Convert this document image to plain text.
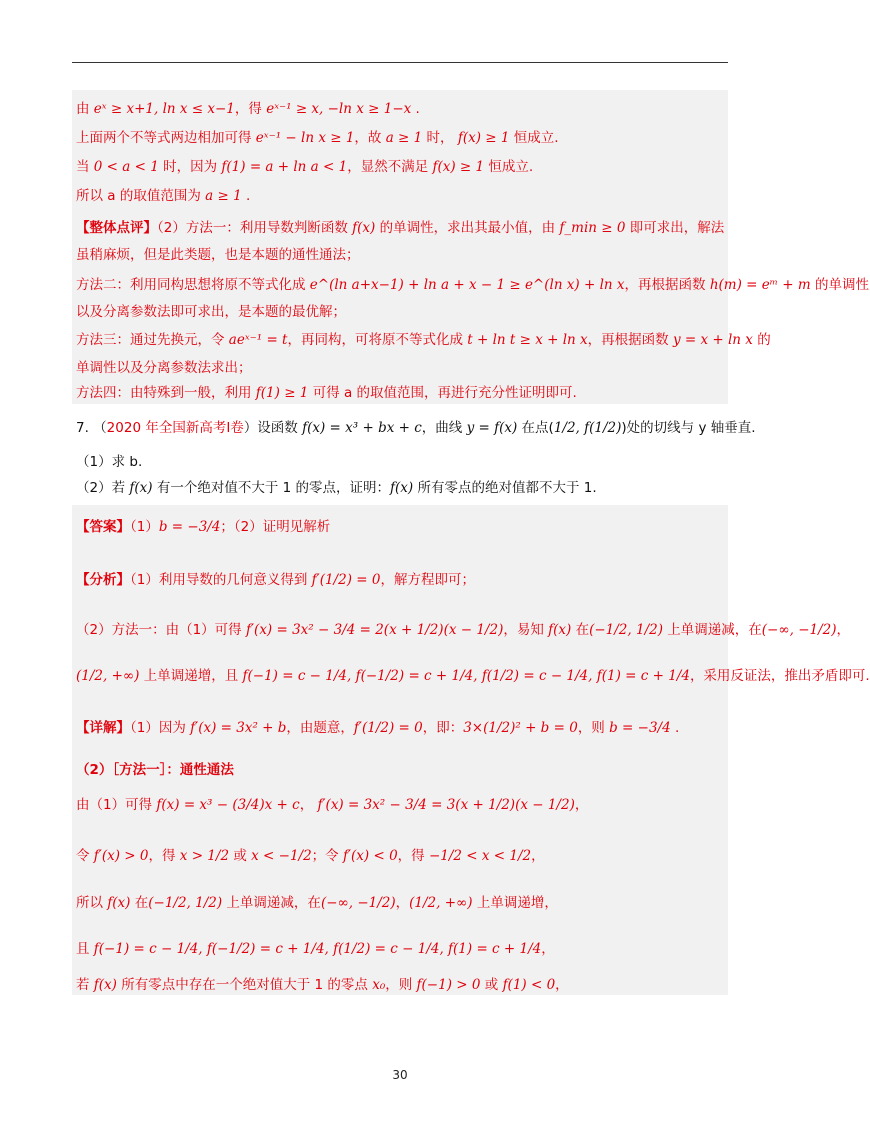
由 eˣ ≥ x+1, ln x ≤ x−1，得 eˣ⁻¹ ≥ x, −ln x ≥ 1−x .
上面两个不等式两边相加可得 eˣ⁻¹ − ln x ≥ 1，故 a ≥ 1 时， f(x) ≥ 1 恒成立.
当 0 < a < 1 时，因为 f(1) = a + ln a < 1，显然不满足 f(x) ≥ 1 恒成立.
所以 a 的取值范围为 a ≥ 1 .
【整体点评】（2）方法一：利用导数判断函数 f(x) 的单调性，求出其最小值，由 f_min ≥ 0 即可求出，解法
虽稍麻烦，但是此类题，也是本题的通性通法；
方法二：利用同构思想将原不等式化成 e^(ln a+x−1) + ln a + x − 1 ≥ e^(ln x) + ln x，再根据函数 h(m) = eᵐ + m 的单调性
以及分离参数法即可求出，是本题的最优解；
方法三：通过先换元，令 aeˣ⁻¹ = t，再同构，可将原不等式化成 t + ln t ≥ x + ln x，再根据函数 y = x + ln x 的
单调性以及分离参数法求出；
方法四：由特殊到一般，利用 f(1) ≥ 1 可得 a 的取值范围，再进行充分性证明即可.
7. （2020 年全国新高考Ⅰ卷）设函数 f(x) = x³ + bx + c，曲线 y = f(x) 在点(1/2, f(1/2))处的切线与 y 轴垂直.
（1）求 b.
（2）若 f(x) 有一个绝对值不大于 1 的零点，证明：f(x) 所有零点的绝对值都不大于 1.
【答案】（1）b = −3/4；（2）证明见解析
【分析】（1）利用导数的几何意义得到 f′(1/2) = 0，解方程即可；
（2）方法一：由（1）可得 f′(x) = 3x² − 3/4 = 2(x + 1/2)(x − 1/2)，易知 f(x) 在(−1/2, 1/2) 上单调递减，在(−∞, −1/2)，
(1/2, +∞) 上单调递增，且 f(−1) = c − 1/4, f(−1/2) = c + 1/4, f(1/2) = c − 1/4, f(1) = c + 1/4，采用反证法，推出矛盾即可.
【详解】（1）因为 f′(x) = 3x² + b，由题意，f′(1/2) = 0，即：3×(1/2)² + b = 0，则 b = −3/4 .
（2）［方法一］：通性通法
由（1）可得 f(x) = x³ − (3/4)x + c， f′(x) = 3x² − 3/4 = 3(x + 1/2)(x − 1/2)，
令 f′(x) > 0，得 x > 1/2 或 x < −1/2；令 f′(x) < 0，得 −1/2 < x < 1/2，
所以 f(x) 在(−1/2, 1/2) 上单调递减，在(−∞, −1/2)，(1/2, +∞) 上单调递增，
且 f(−1) = c − 1/4, f(−1/2) = c + 1/4, f(1/2) = c − 1/4, f(1) = c + 1/4，
若 f(x) 所有零点中存在一个绝对值大于 1 的零点 x₀，则 f(−1) > 0 或 f(1) < 0，
30
